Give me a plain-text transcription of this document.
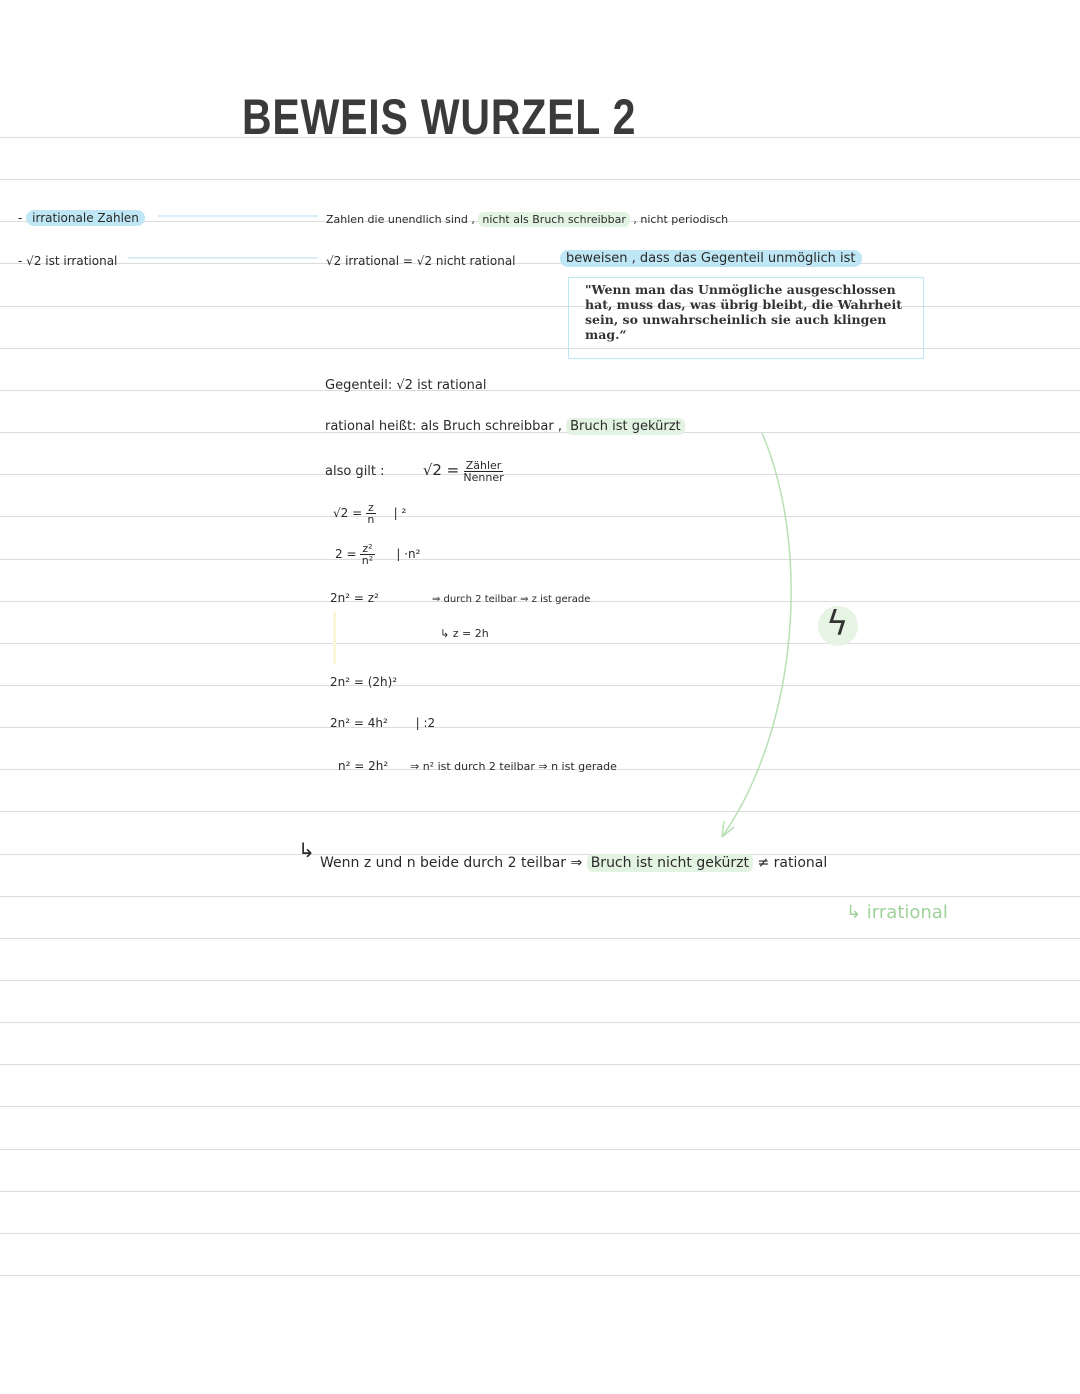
BEWEIS WURZEL 2
- irrationale Zahlen
- √2 ist irrational
Zahlen die unendlich sind , nicht als Bruch schreibbar , nicht periodisch
√2 irrational = √2 nicht rational	beweisen , dass das Gegenteil unmöglich ist
"Wenn man das Unmögliche ausgeschlossen hat, muss das, was übrig bleibt, die Wahrheit sein, so unwahrscheinlich sie auch klingen mag.“
Gegenteil: √2 ist rational
rational heißt: als Bruch schreibbar , Bruch ist gekürzt
also gilt :	$√2 = \frac{\text{Zähler}}{\text{Nenner}}$
$√2 = \frac{z}{n}$ | ²
$2 = \frac{\text{z²}}{\text{n²}}$ | ·n²
2n² = z²	⇒ durch 2 teilbar ⇒ z ist gerade
↳ z = 2h
2n² = (2h)²
2n² = 4h² | :2
n² = 2h² ⇒ n² ist durch 2 teilbar ⇒ n ist gerade
ϟ
↳
Wenn z und n beide durch 2 teilbar ⇒ Bruch ist nicht gekürzt ≠ rational
↳ irrational
